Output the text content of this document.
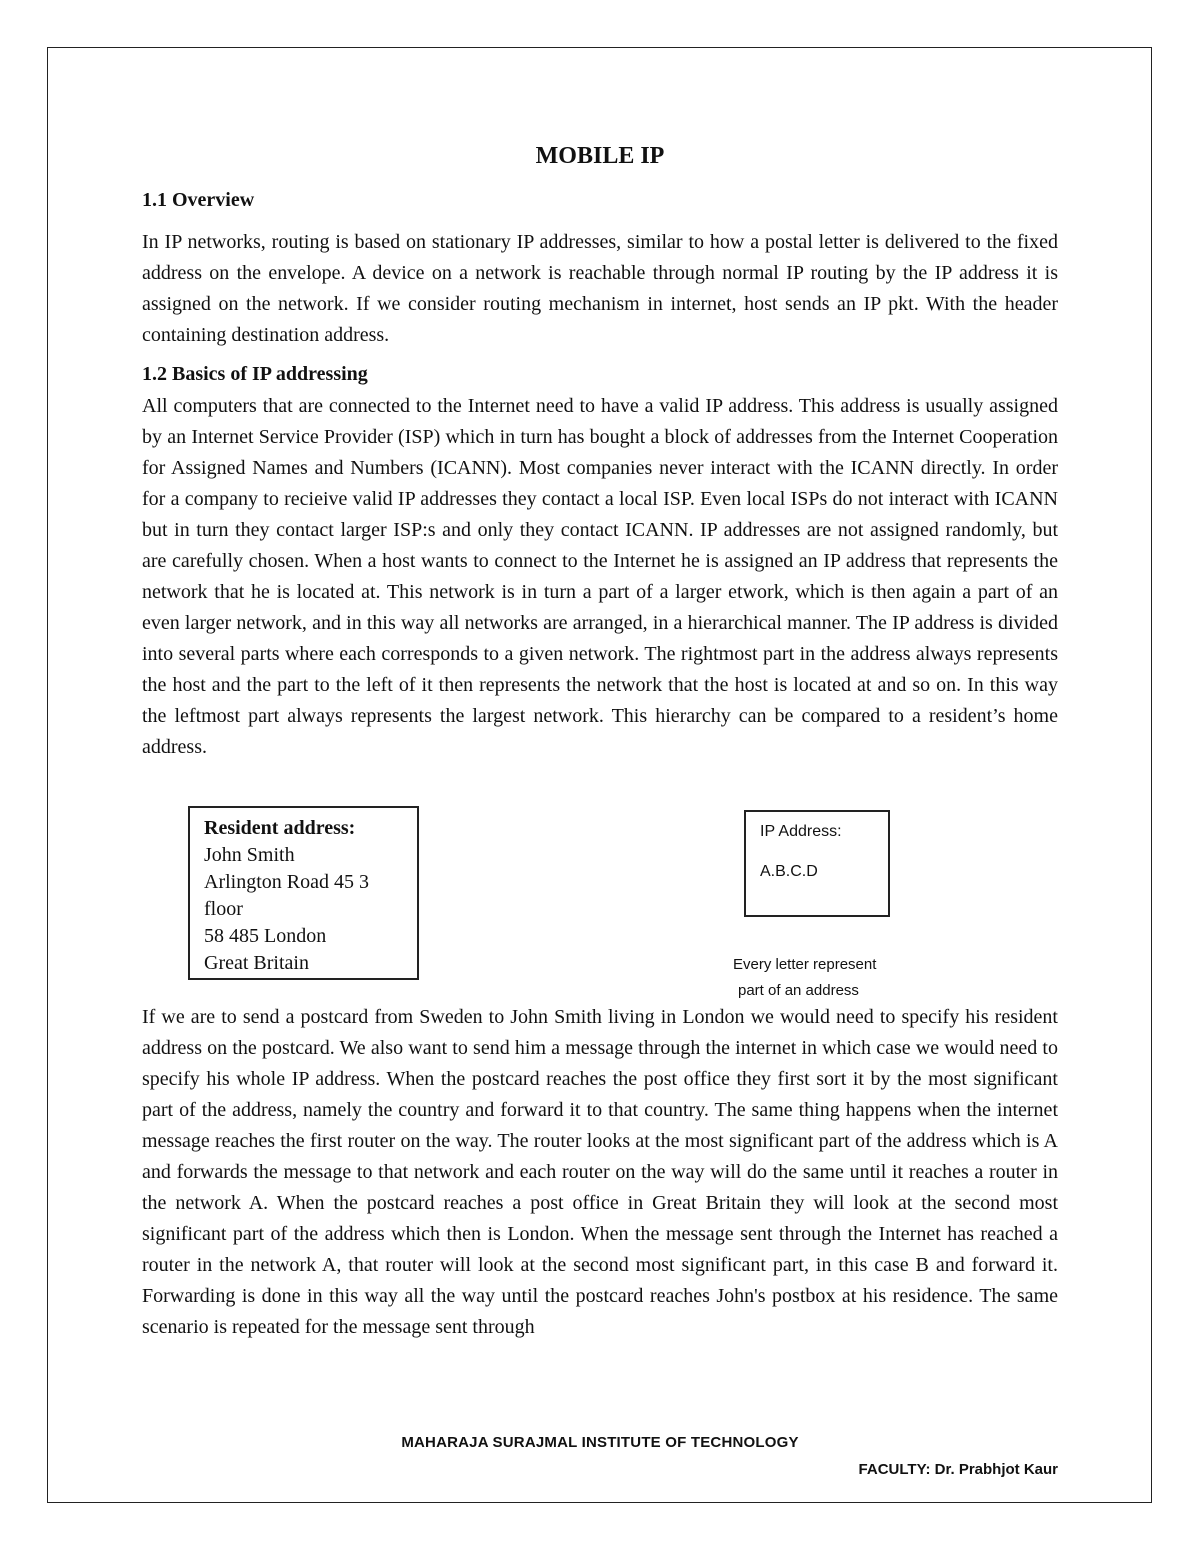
MOBILE IP
1.1 Overview

In IP networks, routing is based on stationary IP addresses, similar to how a postal letter is delivered to the fixed address on the envelope. A device on a network is reachable through normal IP routing by the IP address it is assigned on the network. If we consider routing mechanism in internet, host sends an IP pkt. With the header containing destination address.

1.2 Basics of IP addressing

All computers that are connected to the Internet need to have a valid IP address. This address is usually assigned by an Internet Service Provider (ISP) which in turn has bought a block of addresses from the Internet Cooperation for Assigned Names and Numbers (ICANN). Most companies never interact with the ICANN directly. In order for a company to recieive valid IP addresses they contact a local ISP. Even local ISPs do not interact with ICANN but in turn they contact larger ISP:s and only they contact ICANN. IP addresses are not assigned randomly, but are carefully chosen. When a host wants to connect to the Internet he is assigned an IP address that represents the network that he is located at. This network is in turn a part of a larger etwork, which is then again a part of an even larger network, and in this way all networks are arranged, in a hierarchical manner. The IP address is divided into several parts where each corresponds to a given network. The rightmost part in the address always represents the host and the part to the left of it then represents the network that the host is located at and so on. In this way the leftmost part always represents the largest network. This hierarchy can be compared to a resident’s home address.

Resident address:
John Smith
Arlington Road 45 3
floor
58 485 London
Great Britain
IP Address:
A.B.C.D
Every letter represent
part of an address

If we are to send a postcard from Sweden to John Smith living in London we would need to specify his resident address on the postcard. We also want to send him a message through the internet in which case we would need to specify his whole IP address. When the postcard reaches the post office they first sort it by the most significant part of the address, namely the country and forward it to that country. The same thing happens when the internet message reaches the first router on the way. The router looks at the most significant part of the address which is A and forwards the message to that network and each router on the way will do the same until it reaches a router in the network A. When the postcard reaches a post office in Great Britain they will look at the second most significant part of the address which then is London. When the message sent through the Internet has reached a router in the network A, that router will look at the second most significant part, in this case B and forward it. Forwarding is done in this way all the way until the postcard reaches John's postbox at his residence. The same scenario is repeated for the message sent through

MAHARAJA SURAJMAL INSTITUTE OF TECHNOLOGY
FACULTY: Dr. Prabhjot Kaur
